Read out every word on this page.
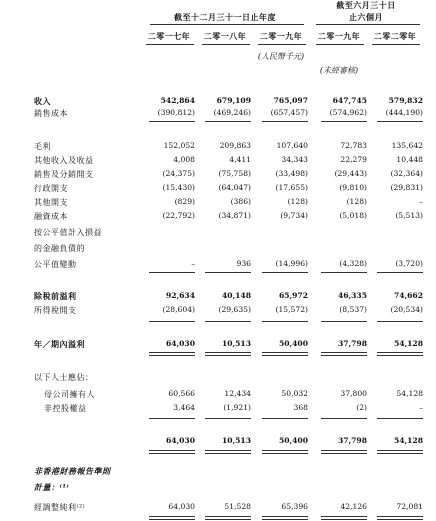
截至十二月三十一日止年度
截至六月三十日
止六個月
二零一七年	二零一八年	二零一九年	二零一九年	二零二零年
(人民幣千元)
(未經審核)
收入	542,864	679,109	765,097	647,745	579,832
銷售成本	(390,812)	(469,246)	(657,457)	(574,962)	(444,190)
毛利	152,052	209,863	107,640	72,783	135,642
其他收入及收益	4,008	4,411	34,343	22,279	10,448
銷售及分銷開支	(24,375)	(75,758)	(33,498)	(29,443)	(32,364)
行政開支	(15,430)	(64,047)	(17,655)	(9,810)	(29,831)
其他開支	(829)	(386)	(128)	(128)	–
融資成本	(22,792)	(34,871)	(9,734)	(5,018)	(5,513)
按公平值計入損益
的金融負債的
公平值變動	–	936	(14,996)	(4,328)	(3,720)
除稅前溢利	92,634	40,148	65,972	46,335	74,662
所得稅開支	(28,604)	(29,635)	(15,572)	(8,537)	(20,534)
年／期內溢利	64,030	10,513	50,400	37,798	54,128
以下人士應佔：
母公司擁有人	60,566	12,434	50,032	37,800	54,128
非控股權益	3,464	(1,921)	368	(2)	–
64,030	10,513	50,400	37,798	54,128
非香港財務報告準則
計量：⁽¹⁾
經調整純利⁽²⁾	64,030	51,528	65,396	42,126	72,081
